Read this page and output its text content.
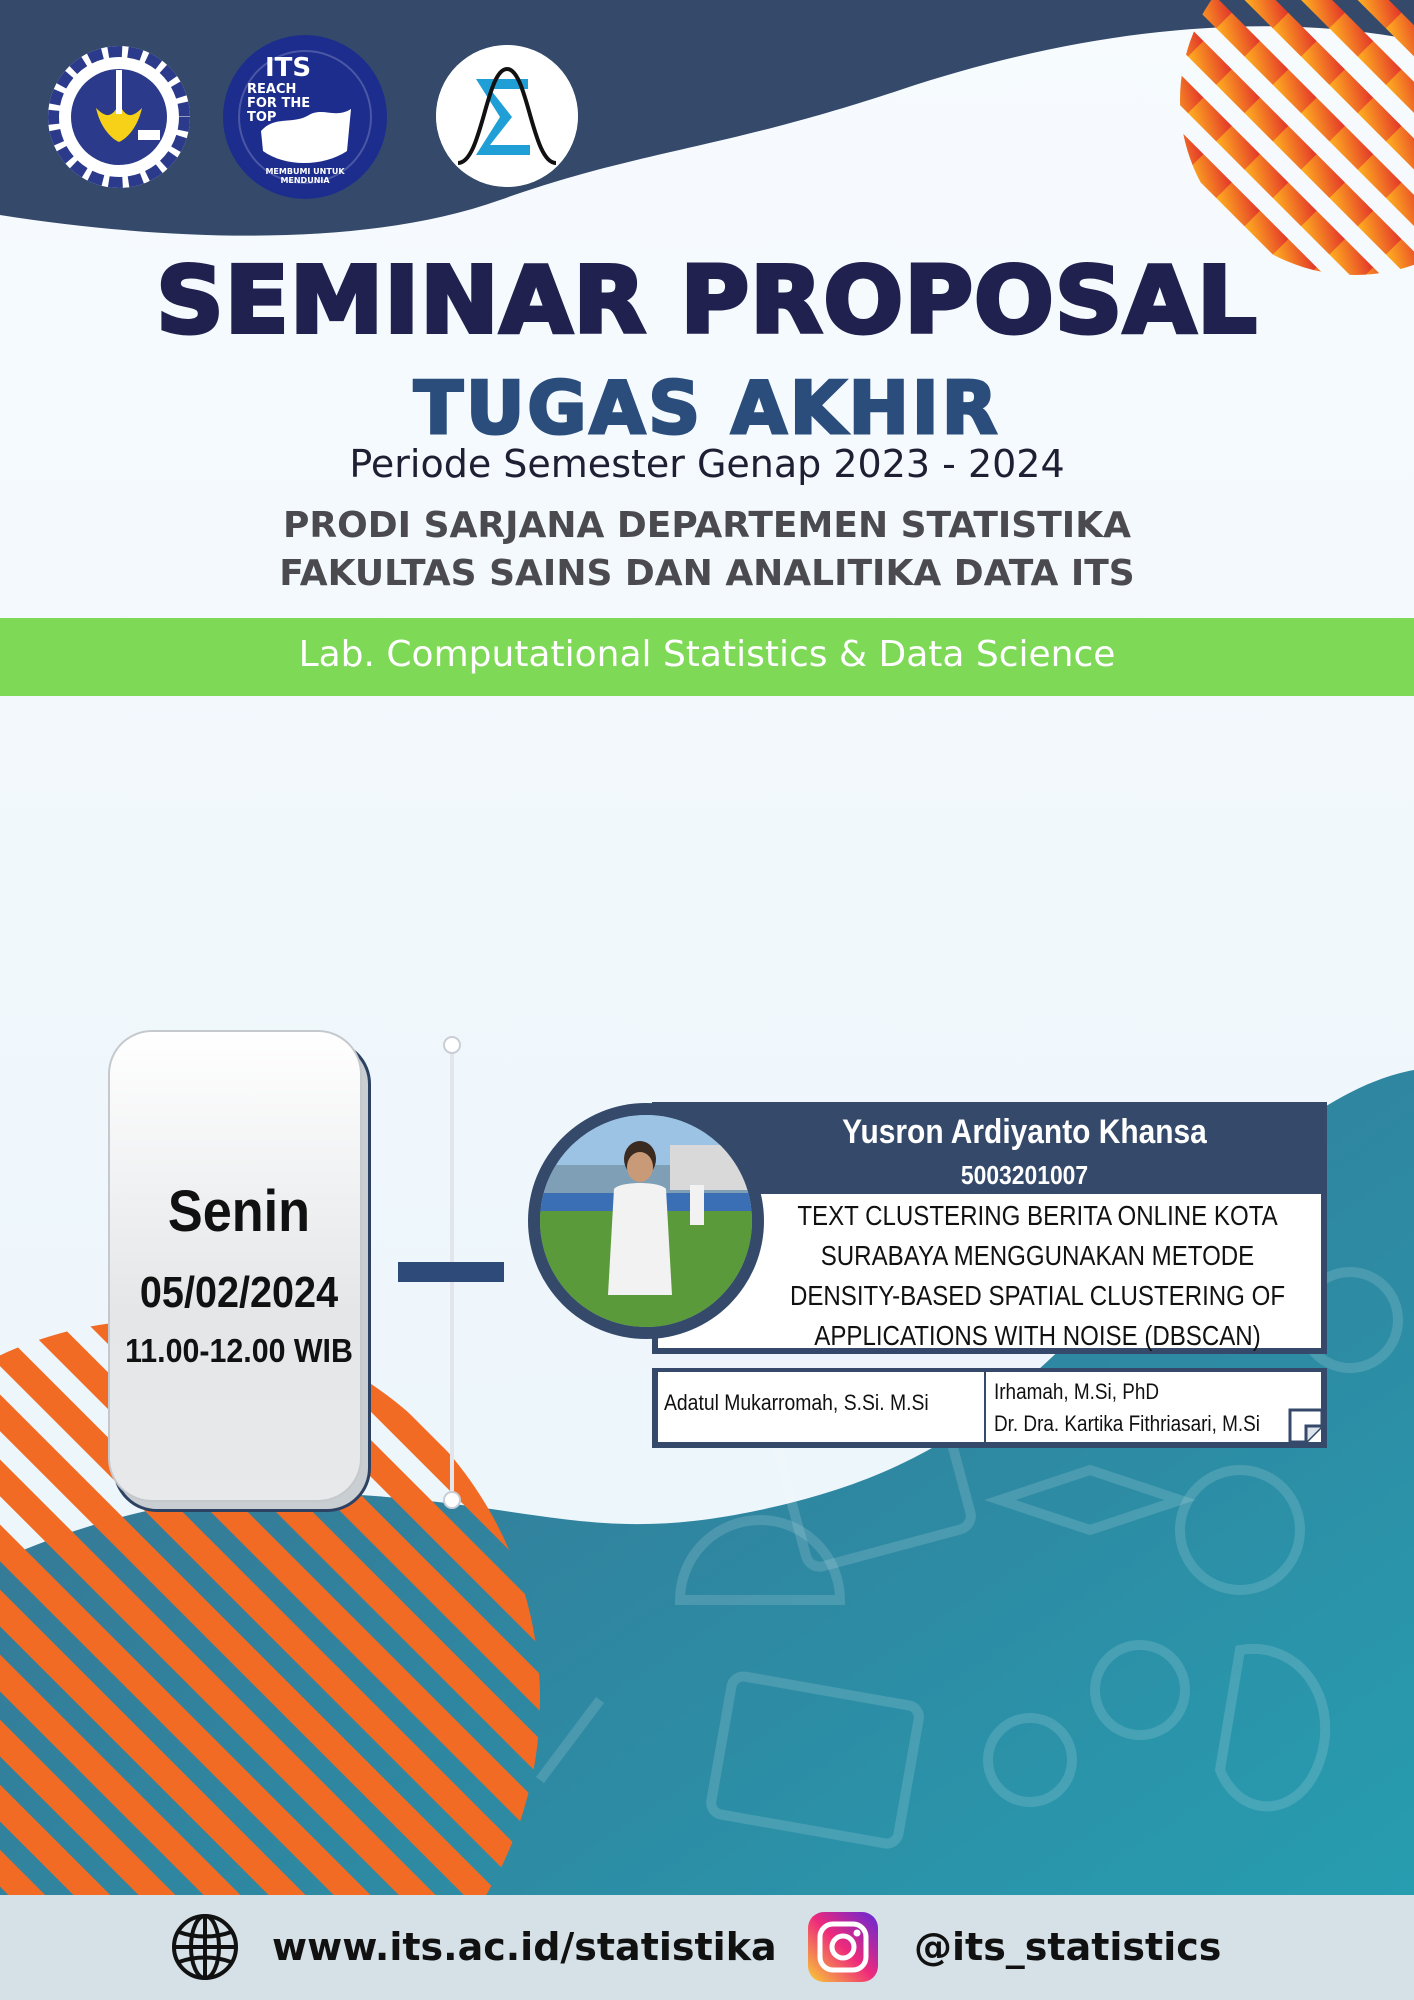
ITS
REACH FOR THE TOP
MEMBUMI UNTUK MENDUNIA
SEMINAR PROPOSAL
TUGAS AKHIR
Periode Semester Genap 2023 - 2024
PRODI SARJANA DEPARTEMEN STATISTIKA
FAKULTAS SAINS DAN ANALITIKA DATA ITS
Lab. Computational Statistics & Data Science
Senin
05/02/2024
11.00-12.00 WIB
Yusron Ardiyanto Khansa
5003201007
TEXT CLUSTERING BERITA ONLINE KOTA
SURABAYA MENGGUNAKAN METODE
DENSITY-BASED SPATIAL CLUSTERING OF
APPLICATIONS WITH NOISE (DBSCAN)
Adatul Mukarromah, S.Si. M.Si	Irhamah, M.Si, PhD
Dr. Dra. Kartika Fithriasari, M.Si
www.its.ac.id/statistika	@its_statistics
